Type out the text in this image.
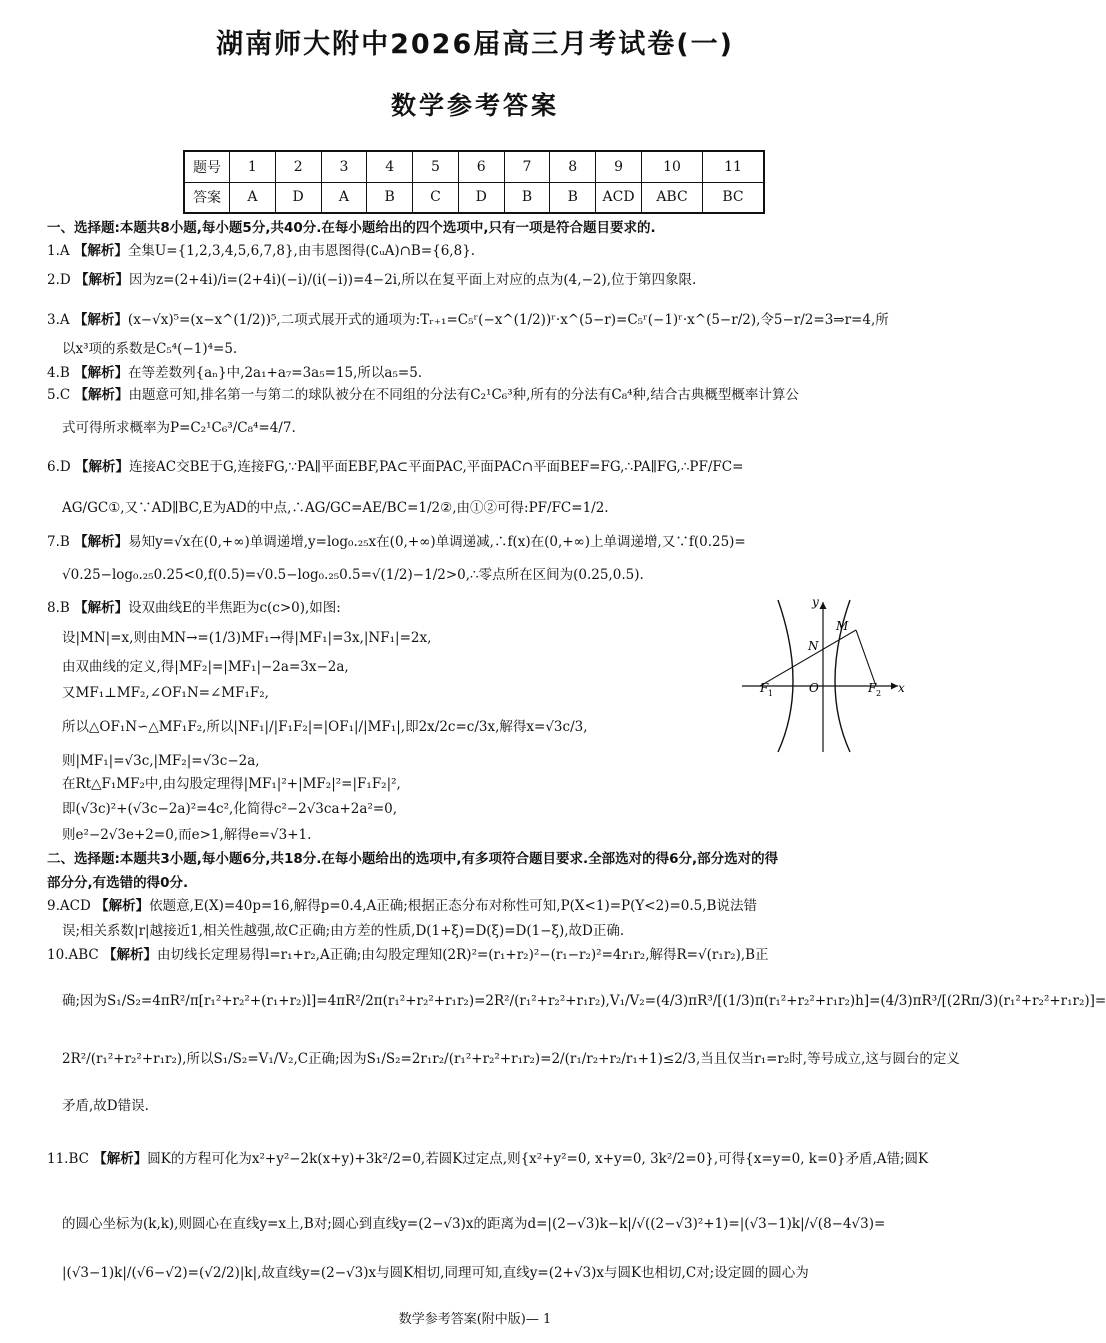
湖南师大附中2026届高三月考试卷(一)
数学参考答案
题号	1	2	3	4	5	6	7	8	9	10	11
答案	A	D	A	B	C	D	B	B	ACD	ABC	BC
一、选择题:本题共8小题,每小题5分,共40分.在每小题给出的四个选项中,只有一项是符合题目要求的.
1.A 【解析】全集U={1,2,3,4,5,6,7,8},由韦恩图得(∁ᵤA)∩B={6,8}.
2.D 【解析】因为z=(2+4i)/i=(2+4i)(−i)/(i(−i))=4−2i,所以在复平面上对应的点为(4,−2),位于第四象限.
3.A 【解析】(x−√x)⁵=(x−x^(1/2))⁵,二项式展开式的通项为:Tᵣ₊₁=C₅ʳ(−x^(1/2))ʳ·x^(5−r)=C₅ʳ(−1)ʳ·x^(5−r/2),令5−r/2=3⇒r=4,所
以x³项的系数是C₅⁴(−1)⁴=5.
4.B 【解析】在等差数列{aₙ}中,2a₁+a₇=3a₅=15,所以a₅=5.
5.C 【解析】由题意可知,排名第一与第二的球队被分在不同组的分法有C₂¹C₆³种,所有的分法有C₈⁴种,结合古典概型概率计算公
式可得所求概率为P=C₂¹C₆³/C₈⁴=4/7.
6.D 【解析】连接AC交BE于G,连接FG,∵PA∥平面EBF,PA⊂平面PAC,平面PAC∩平面BEF=FG,∴PA∥FG,∴PF/FC=
AG/GC①,又∵AD∥BC,E为AD的中点,∴AG/GC=AE/BC=1/2②,由①②可得:PF/FC=1/2.
7.B 【解析】易知y=√x在(0,+∞)单调递增,y=log₀.₂₅x在(0,+∞)单调递减,∴f(x)在(0,+∞)上单调递增,又∵f(0.25)=
√0.25−log₀.₂₅0.25<0,f(0.5)=√0.5−log₀.₂₅0.5=√(1/2)−1/2>0,∴零点所在区间为(0.25,0.5).
8.B 【解析】设双曲线E的半焦距为c(c>0),如图:
设|MN|=x,则由MN→=(1/3)MF₁→得|MF₁|=3x,|NF₁|=2x,
由双曲线的定义,得|MF₂|=|MF₁|−2a=3x−2a,
又MF₁⊥MF₂,∠OF₁N=∠MF₁F₂,
所以△OF₁N∽△MF₁F₂,所以|NF₁|/|F₁F₂|=|OF₁|/|MF₁|,即2x/2c=c/3x,解得x=√3c/3,
则|MF₁|=√3c,|MF₂|=√3c−2a,
在Rt△F₁MF₂中,由勾股定理得|MF₁|²+|MF₂|²=|F₁F₂|²,
即(√3c)²+(√3c−2a)²=4c²,化简得c²−2√3ca+2a²=0,
则e²−2√3e+2=0,而e>1,解得e=√3+1.
x
y
O
F 1	F 2
M
N
二、选择题:本题共3小题,每小题6分,共18分.在每小题给出的选项中,有多项符合题目要求.全部选对的得6分,部分选对的得
部分分,有选错的得0分.
9.ACD 【解析】依题意,E(X)=40p=16,解得p=0.4,A正确;根据正态分布对称性可知,P(X<1)=P(Y<2)=0.5,B说法错
误;相关系数|r|越接近1,相关性越强,故C正确;由方差的性质,D(1+ξ)=D(ξ)=D(1−ξ),故D正确.
10.ABC 【解析】由切线长定理易得l=r₁+r₂,A正确;由勾股定理知(2R)²=(r₁+r₂)²−(r₁−r₂)²=4r₁r₂,解得R=√(r₁r₂),B正
确;因为S₁/S₂=4πR²/π[r₁²+r₂²+(r₁+r₂)l]=4πR²/2π(r₁²+r₂²+r₁r₂)=2R²/(r₁²+r₂²+r₁r₂),V₁/V₂=(4/3)πR³/[(1/3)π(r₁²+r₂²+r₁r₂)h]=(4/3)πR³/[(2Rπ/3)(r₁²+r₂²+r₁r₂)]=
2R²/(r₁²+r₂²+r₁r₂),所以S₁/S₂=V₁/V₂,C正确;因为S₁/S₂=2r₁r₂/(r₁²+r₂²+r₁r₂)=2/(r₁/r₂+r₂/r₁+1)≤2/3,当且仅当r₁=r₂时,等号成立,这与圆台的定义
矛盾,故D错误.
11.BC 【解析】圆K的方程可化为x²+y²−2k(x+y)+3k²/2=0,若圆K过定点,则{x²+y²=0, x+y=0, 3k²/2=0},可得{x=y=0, k=0}矛盾,A错;圆K
的圆心坐标为(k,k),则圆心在直线y=x上,B对;圆心到直线y=(2−√3)x的距离为d=|(2−√3)k−k|/√((2−√3)²+1)=|(√3−1)k|/√(8−4√3)=
|(√3−1)k|/(√6−√2)=(√2/2)|k|,故直线y=(2−√3)x与圆K相切,同理可知,直线y=(2+√3)x与圆K也相切,C对;设定圆的圆心为
数学参考答案(附中版)— 1
